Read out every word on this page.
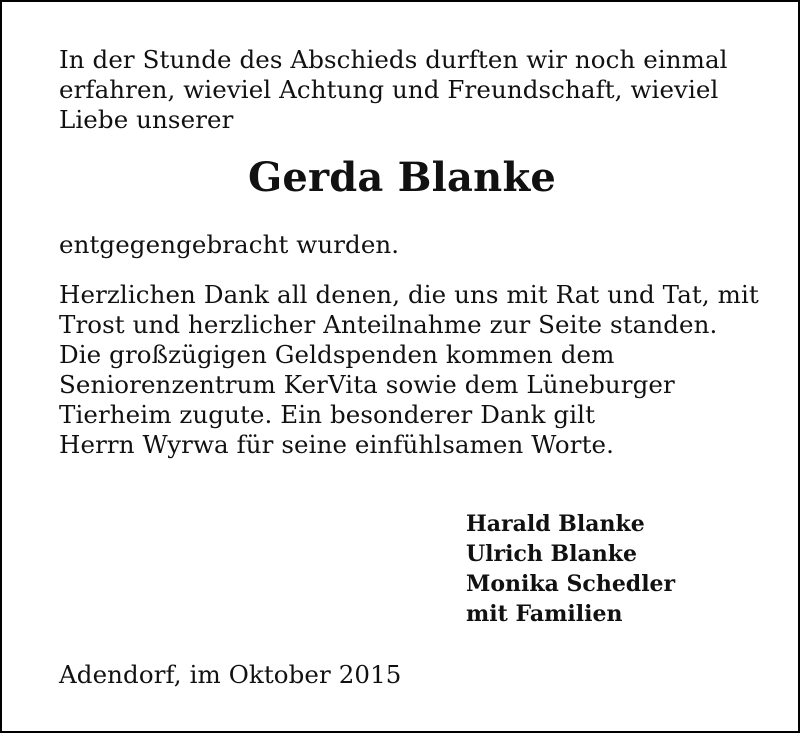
In der Stunde des Abschieds durften wir noch einmal
erfahren, wieviel Achtung und Freundschaft, wieviel
Liebe unserer
Gerda Blanke
entgegengebracht wurden.
Herzlichen Dank all denen, die uns mit Rat und Tat, mit
Trost und herzlicher Anteilnahme zur Seite standen.
Die großzügigen Geldspenden kommen dem
Seniorenzentrum KerVita sowie dem Lüneburger
Tierheim zugute. Ein besonderer Dank gilt
Herrn Wyrwa für seine einfühlsamen Worte.
Harald Blanke
Ulrich Blanke
Monika Schedler
mit Familien
Adendorf, im Oktober 2015
